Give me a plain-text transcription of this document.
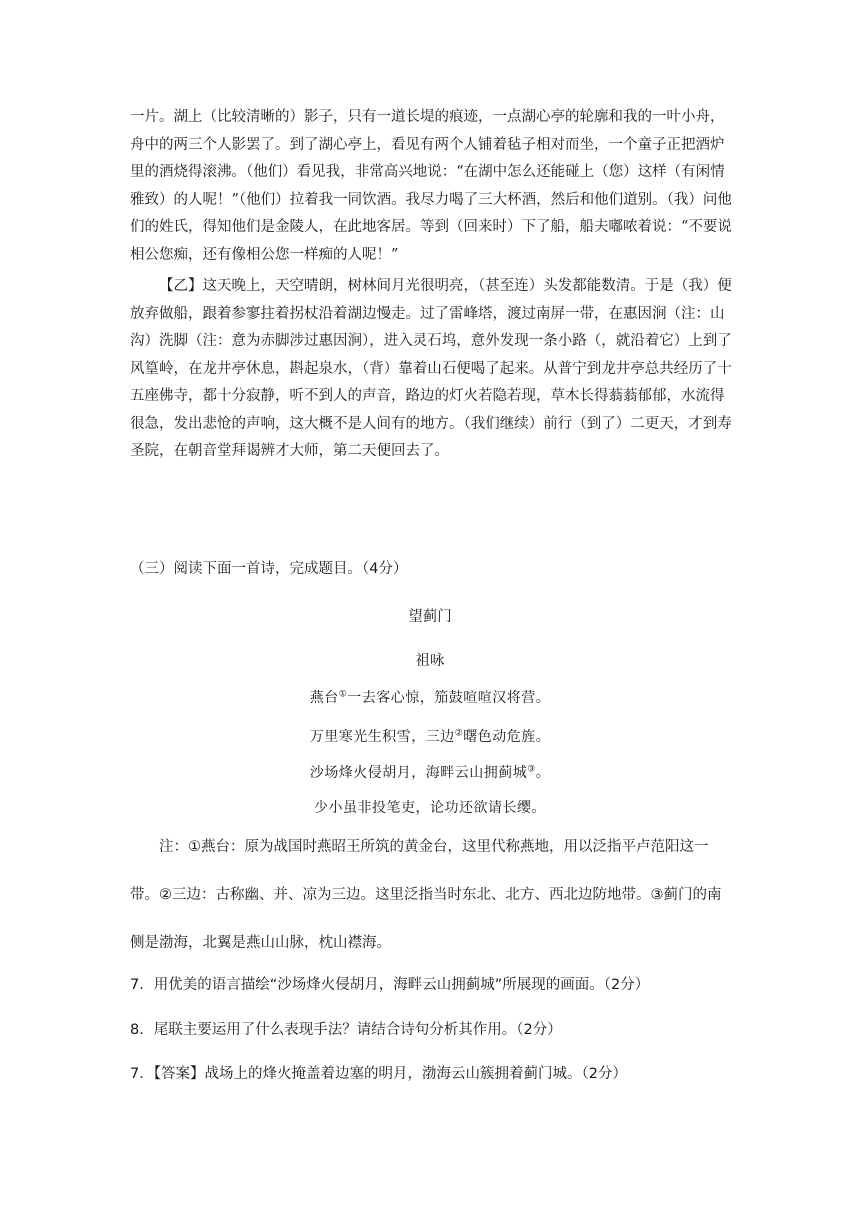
一片。湖上（比较清晰的）影子，只有一道长堤的痕迹，一点湖心亭的轮廓和我的一叶小舟，舟中的两三个人影罢了。到了湖心亭上，看见有两个人铺着毡子相对而坐，一个童子正把酒炉里的酒烧得滚沸。（他们）看见我，非常高兴地说：“在湖中怎么还能碰上（您）这样（有闲情雅致）的人呢！”（他们）拉着我一同饮酒。我尽力喝了三大杯酒，然后和他们道别。（我）问他们的姓氏，得知他们是金陵人，在此地客居。等到（回来时）下了船，船夫嘟哝着说：“不要说相公您痴，还有像相公您一样痴的人呢！”

【乙】这天晚上，天空晴朗，树林间月光很明亮，（甚至连）头发都能数清。于是（我）便放弃做船，跟着参寥拄着拐杖沿着湖边慢走。过了雷峰塔，渡过南屏一带，在惠因涧（注：山沟）洗脚（注：意为赤脚涉过惠因涧），进入灵石坞，意外发现一条小路（，就沿着它）上到了风篁岭，在龙井亭休息，斟起泉水，（背）靠着山石便喝了起来。从普宁到龙井亭总共经历了十五座佛寺，都十分寂静，听不到人的声音，路边的灯火若隐若现，草木长得蓊蓊郁郁，水流得很急，发出悲怆的声响，这大概不是人间有的地方。（我们继续）前行（到了）二更天，才到寿圣院，在朝音堂拜谒辨才大师，第二天便回去了。

（三）阅读下面一首诗，完成题目。（4分）
望蓟门
祖咏
燕台①一去客心惊，笳鼓喧喧汉将营。
万里寒光生积雪，三边②曙色动危旌。
沙场烽火侵胡月，海畔云山拥蓟城③。
少小虽非投笔吏，论功还欲请长缨。
注：①燕台：原为战国时燕昭王所筑的黄金台，这里代称燕地，用以泛指平卢范阳这一带。②三边：古称幽、并、凉为三边。这里泛指当时东北、北方、西北边防地带。③蓟门的南侧是渤海，北翼是燕山山脉，枕山襟海。
7．用优美的语言描绘“沙场烽火侵胡月，海畔云山拥蓟城”所展现的画面。（2分）
8．尾联主要运用了什么表现手法？请结合诗句分析其作用。（2分）
7．【答案】战场上的烽火掩盖着边塞的明月，渤海云山簇拥着蓟门城。（2分）
